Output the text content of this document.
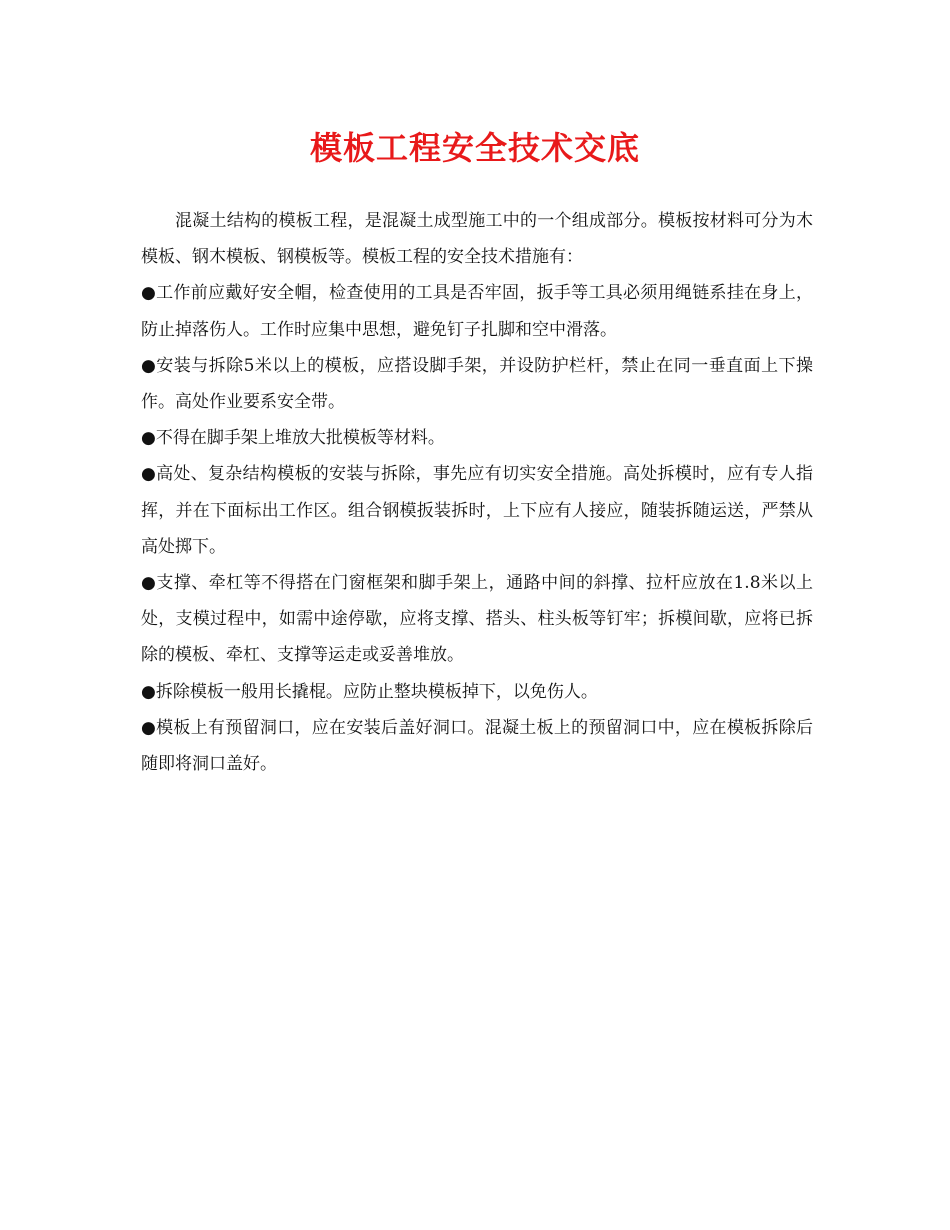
模板工程安全技术交底

混凝土结构的模板工程，是混凝土成型施工中的一个组成部分。模板按材料可分为木模板、钢木模板、钢模板等。模板工程的安全技术措施有：

●工作前应戴好安全帽，检查使用的工具是否牢固，扳手等工具必须用绳链系挂在身上，防止掉落伤人。工作时应集中思想，避免钉子扎脚和空中滑落。

●安装与拆除5米以上的模板，应搭设脚手架，并设防护栏杆，禁止在同一垂直面上下操作。高处作业要系安全带。

●不得在脚手架上堆放大批模板等材料。

●高处、复杂结构模板的安装与拆除，事先应有切实安全措施。高处拆模时，应有专人指挥，并在下面标出工作区。组合钢模扳装拆时，上下应有人接应，随装拆随运送，严禁从高处掷下。

●支撑、牵杠等不得搭在门窗框架和脚手架上，通路中间的斜撑、拉杆应放在1.8米以上处，支模过程中，如需中途停歇，应将支撑、搭头、柱头板等钉牢；拆模间歇，应将已拆除的模板、牵杠、支撑等运走或妥善堆放。

●拆除模板一般用长撬棍。应防止整块模板掉下，以免伤人。

●模板上有预留洞口，应在安装后盖好洞口。混凝土板上的预留洞口中，应在模板拆除后随即将洞口盖好。
